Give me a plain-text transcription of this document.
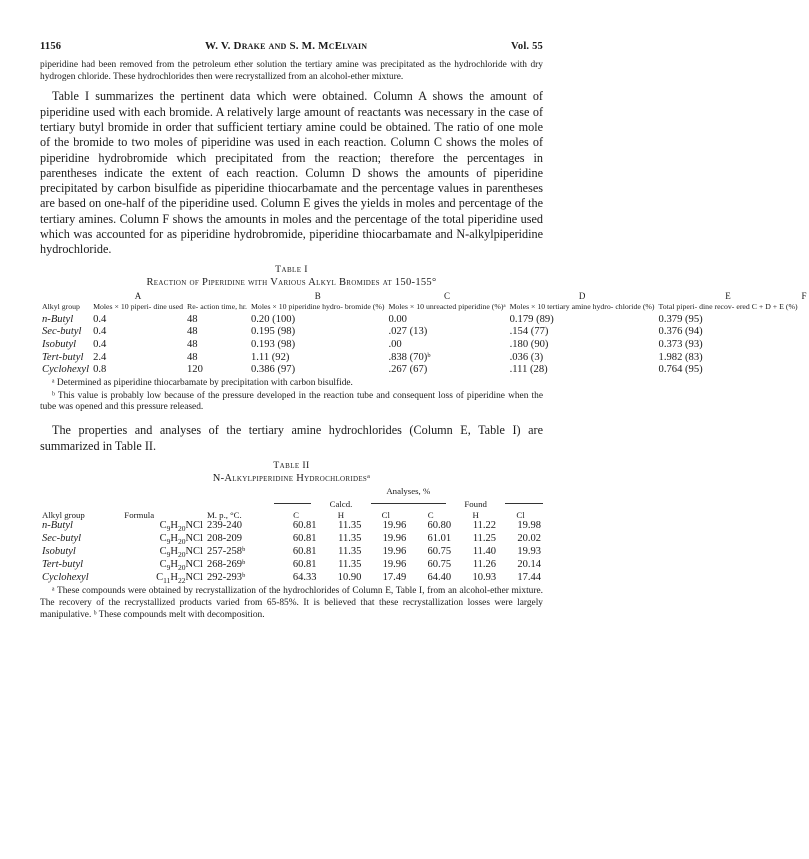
1156	W. V. Drake and S. M. McElvain	Vol. 55

piperidine had been removed from the petroleum ether solution the tertiary amine was precipitated as the hydrochloride with dry hydrogen chloride. These hydrochlorides then were recrystallized from an alcohol-ether mixture.

Table I summarizes the pertinent data which were obtained. Column A shows the amount of piperidine used with each bromide. A relatively large amount of reactants was necessary in the case of tertiary butyl bromide in order that sufficient tertiary amine could be obtained. The ratio of one mole of the bromide to two moles of piperidine was used in each reaction. Column C shows the moles of piperidine hydrobromide which precipitated from the reaction; therefore the percentages in parentheses indicate the extent of each reaction. Column D shows the amounts of piperidine precipitated by carbon bisulfide as piperidine thiocarbamate and the percentage values in parentheses are based on one-half of the piperidine used. Column E gives the yields in moles and percentage of the tertiary amines. Column F shows the amounts in moles and the percentage of the total piperidine used which was accounted for as piperidine hydrobromide, piperidine thiocarbamate and N-alkylpiperidine hydrochloride.

Table I
Reaction of Piperidine with Various Alkyl Bromides at 150-155°
	A		B	C	D	E	F
Alkyl group	Moles × 10 piperi- dine used	Re- action time, hr.	Moles × 10 piperidine hydro- bromide (%)	Moles × 10 unreacted piperidine (%)ᵃ	Moles × 10 tertiary amine hydro- chloride (%)	Total piperi- dine recov- ered C + D + E (%)	
n-Butyl	0.4	48	0.20 (100)	0.00	0.179 (89)	0.379 (95)	
Sec-butyl	0.4	48	0.195 (98)	.027 (13)	.154 (77)	0.376 (94)	
Isobutyl	0.4	48	0.193 (98)	.00	.180 (90)	0.373 (93)	
Tert-butyl	2.4	48	1.11 (92)	.838 (70)ᵇ	.036 (3)	1.982 (83)	
Cyclohexyl	0.8	120	0.386 (97)	.267 (67)	.111 (28)	0.764 (95)	

ᵃ Determined as piperidine thiocarbamate by precipitation with carbon bisulfide.

ᵇ This value is probably low because of the pressure developed in the reaction tube and consequent loss of piperidine when the tube was opened and this pressure released.

The properties and analyses of the tertiary amine hydrochlorides (Column E, Table I) are summarized in Table II.

Table II
N-Alkylpiperidine Hydrochloridesᵃ
			Analyses, %					
			Calcd.			Found		
Alkyl group	Formula	M. p., °C.	C	H	Cl	C	H	Cl
n-Butyl	$C_9H_{20}NCl$	239-240	60.81	11.35	19.96	60.80	11.22	19.98
Sec-butyl	$C_9H_{20}NCl$	208-209	60.81	11.35	19.96	61.01	11.25	20.02
Isobutyl	$C_9H_{20}NCl$	257-258ᵇ	60.81	11.35	19.96	60.75	11.40	19.93
Tert-butyl	$C_9H_{20}NCl$	268-269ᵇ	60.81	11.35	19.96	60.75	11.26	20.14
Cyclohexyl	$C_{11}H_{22}NCl$	292-293ᵇ	64.33	10.90	17.49	64.40	10.93	17.44

ᵃ These compounds were obtained by recrystallization of the hydrochlorides of Column E, Table I, from an alcohol-ether mixture. The recovery of the recrystallized products varied from 65-85%. It is believed that these recrystallization losses were largely manipulative. ᵇ These compounds melt with decomposition.
